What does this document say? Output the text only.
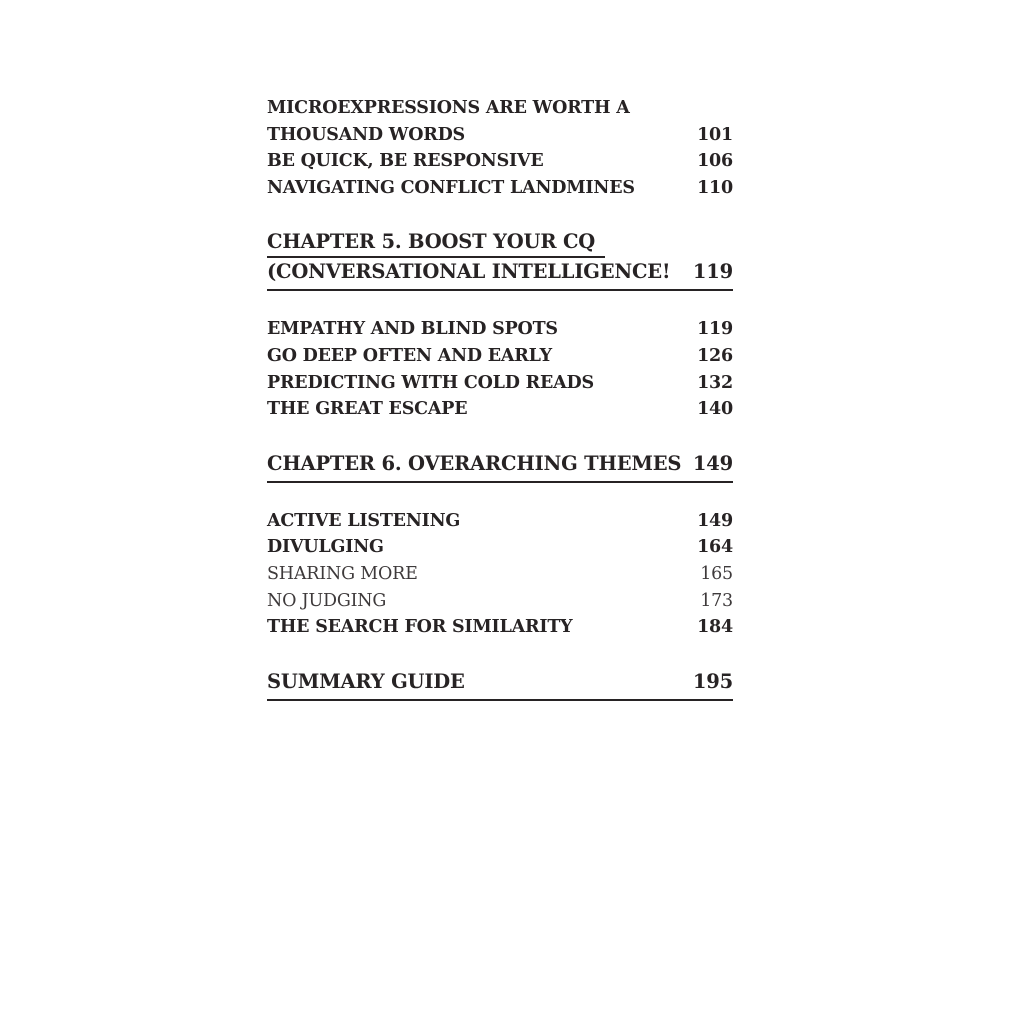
MICROEXPRESSIONS ARE WORTH A THOUSAND WORDS	101
BE QUICK, BE RESPONSIVE	106
NAVIGATING CONFLICT LANDMINES	110
CHAPTER 5. BOOST YOUR CQ
(CONVERSATIONAL INTELLIGENCE! 119
EMPATHY AND BLIND SPOTS	119
GO DEEP OFTEN AND EARLY	126
PREDICTING WITH COLD READS	132
THE GREAT ESCAPE	140
CHAPTER 6. OVERARCHING THEMES 149
ACTIVE LISTENING	149
DIVULGING	164
SHARING MORE	165
NO JUDGING	173
THE SEARCH FOR SIMILARITY	184
SUMMARY GUIDE	195
